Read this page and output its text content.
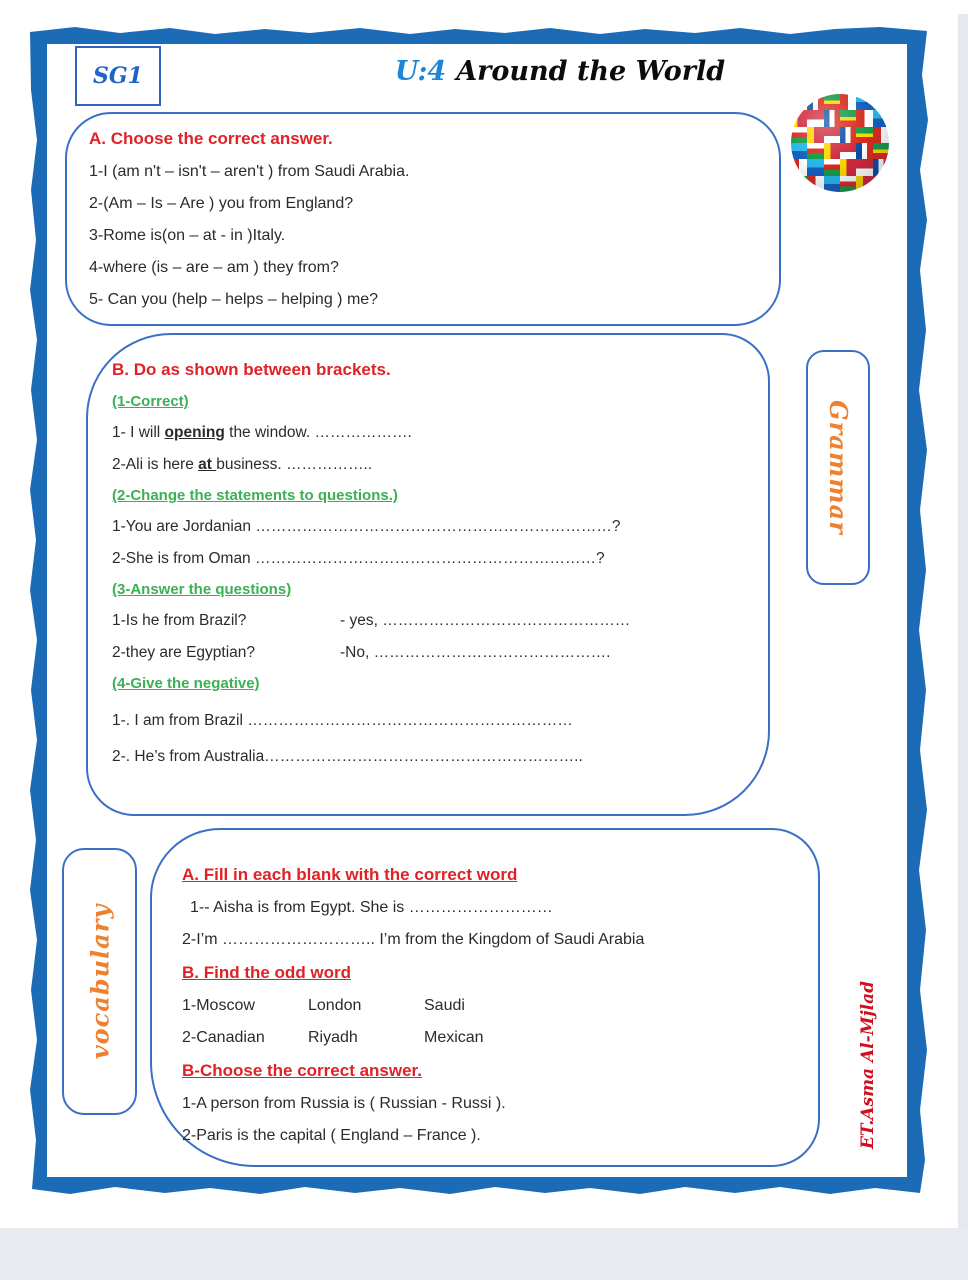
SG1	U:4 Around the World
A. Choose the correct answer.
1-I (am n't – isn't – aren't ) from Saudi Arabia.
2-(Am – Is – Are ) you from England?
3-Rome is(on – at - in )Italy.
4-where (is – are – am ) they from?
5- Can you (help – helps – helping ) me?
B. Do as shown between brackets.
(1-Correct)
1- I will opening the window. ……………….
2-Ali is here at business. ……………..
(2-Change the statements to questions.)
1-You are Jordanian ……………………………………………………………?
2-She is from Oman …………………………………………………………?
(3-Answer the questions)
1-Is he from Brazil?	- yes, …………………………………………
2-they are Egyptian?	-No, ……………………………………….
(4-Give the negative)
1-. I am from Brazil ………………………………………………………
2-. He’s from Australia……………………………………………………..
Grammar
vocabulary
A. Fill in each blank with the correct word
1-- Aisha is from Egypt. She is ………………………
2-I’m ……………………….. I’m from the Kingdom of Saudi Arabia
B. Find the odd word
1-Moscow	London	Saudi
2-Canadian	Riyadh	Mexican
B-Choose the correct answer.
1-A person from Russia is ( Russian - Russi ).
2-Paris is the capital ( England – France ).	ET.Asma Al-Mjlad
